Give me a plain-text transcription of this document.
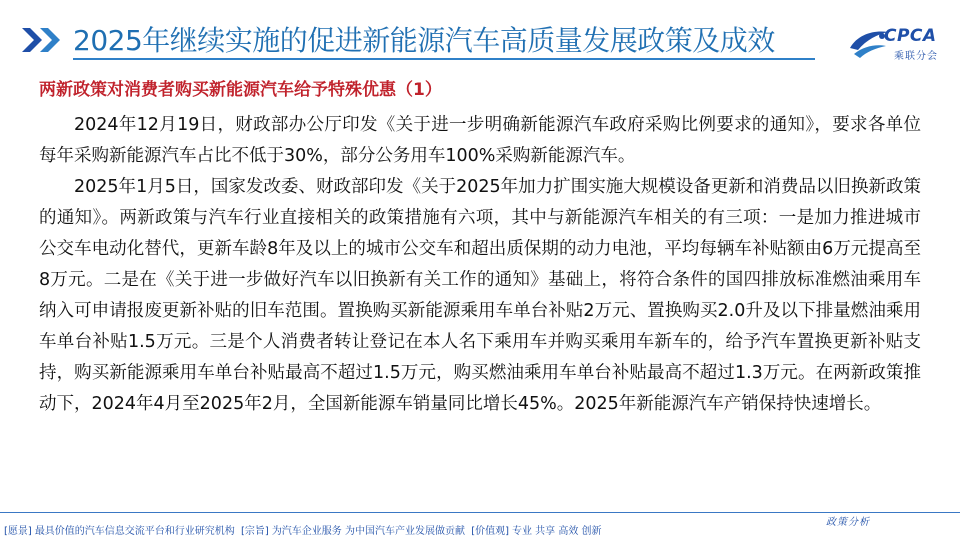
2025年继续实施的促进新能源汽车高质量发展政策及成效	CPCA
乘联分会
两新政策对消费者购买新能源汽车给予特殊优惠（1）

2024年12月19日，财政部办公厅印发《关于进一步明确新能源汽车政府采购比例要求的通知》，要求各单位每年采购新能源汽车占比不低于30%，部分公务用车100%采购新能源汽车。

2025年1月5日，国家发改委、财政部印发《关于2025年加力扩围实施大规模设备更新和消费品以旧换新政策的通知》。两新政策与汽车行业直接相关的政策措施有六项，其中与新能源汽车相关的有三项：一是加力推进城市公交车电动化替代，更新车龄8年及以上的城市公交车和超出质保期的动力电池，平均每辆车补贴额由6万元提高至8万元。二是在《关于进一步做好汽车以旧换新有关工作的通知》基础上，将符合条件的国四排放标准燃油乘用车纳入可申请报废更新补贴的旧车范围。置换购买新能源乘用车单台补贴2万元、置换购买2.0升及以下排量燃油乘用车单台补贴1.5万元。三是个人消费者转让登记在本人名下乘用车并购买乘用车新车的，给予汽车置换更新补贴支持，购买新能源乘用车单台补贴最高不超过1.5万元，购买燃油乘用车单台补贴最高不超过1.3万元。在两新政策推动下，2024年4月至2025年2月，全国新能源车销量同比增长45%。2025年新能源汽车产销保持快速增长。

[愿景] 最具价值的汽车信息交流平台和行业研究机构 [宗旨] 为汽车企业服务 为中国汽车产业发展做贡献 [价值观] 专业 共享 高效 创新
政策分析
